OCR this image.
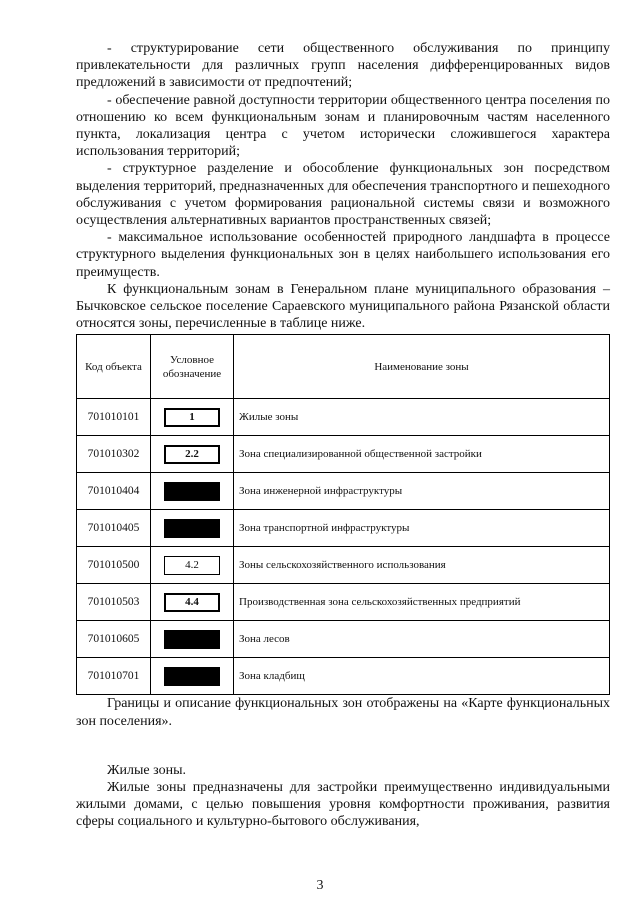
- структурирование сети общественного обслуживания по принципу привлекательности для различных групп населения дифференцированных видов предложений в зависимости от предпочтений;

- обеспечение равной доступности территории общественного центра поселения по отношению ко всем функциональным зонам и планировочным частям населенного пункта, локализация центра с учетом исторически сложившегося характера использования территорий;

- структурное разделение и обособление функциональных зон посредством выделения территорий, предназначенных для обеспечения транспортного и пешеходного обслуживания с учетом формирования рациональной системы связи и возможного осуществления альтернативных вариантов пространственных связей;

- максимальное использование особенностей природного ландшафта в процессе структурного выделения функциональных зон в целях наибольшего использования его преимуществ.

К функциональным зонам в Генеральном плане муниципального образования – Бычковское сельское поселение Сараевского муниципального района Рязанской области относятся зоны, перечисленные в таблице ниже.

Код объекта	Условное обозначение	Наименование зоны
701010101	1	Жилые зоны
701010302	2.2	Зона специализированной общественной застройки
701010404		Зона инженерной инфраструктуры
701010405		Зона транспортной инфраструктуры
701010500	4.2	Зоны сельскохозяйственного использования
701010503	4.4	Производственная зона сельскохозяйственных предприятий
701010605		Зона лесов
701010701		Зона кладбищ

Границы и описание функциональных зон отображены на «Карте функциональных зон поселения».

Жилые зоны.

Жилые зоны предназначены для застройки преимущественно индивидуальными жилыми домами, с целью повышения уровня комфортности проживания, развития сферы социального и культурно-бытового обслуживания,

3
